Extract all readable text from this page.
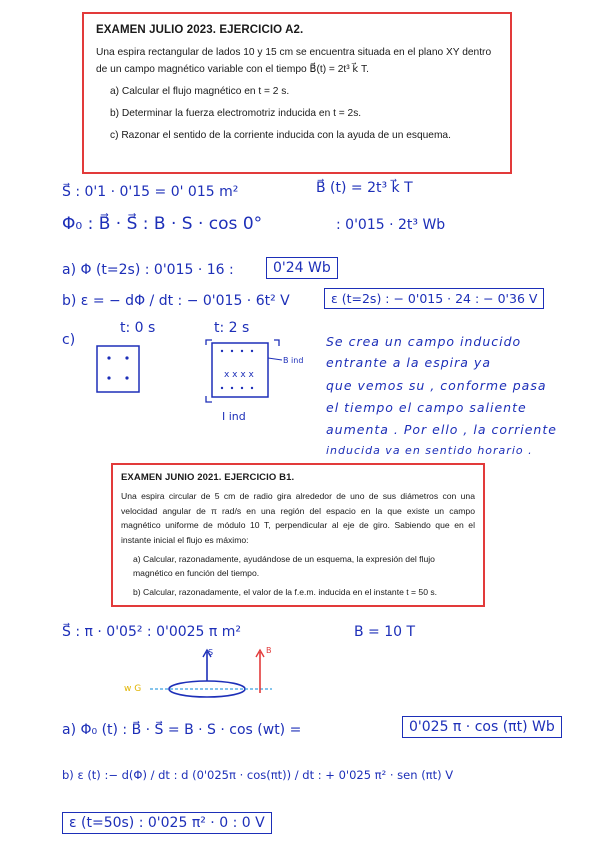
EXAMEN JULIO 2023. EJERCICIO A2.

Una espira rectangular de lados 10 y 15 cm se encuentra situada en el plano XY dentro de un campo magnético variable con el tiempo B⃗(t) = 2t³ k⃗ T.

a) Calcular el flujo magnético en t = 2 s.
b) Determinar la fuerza electromotriz inducida en t = 2s.
c) Razonar el sentido de la corriente inducida con la ayuda de un esquema.
S⃗ : 0'1 · 0'15 = 0' 015 m²	B⃗ (t) = 2t³ k⃗ T
Φ₀ : B⃗ · S⃗ : B · S · cos 0°	: 0'015 · 2t³ Wb
a) Φ (t=2s) : 0'015 · 16 :	0'24 Wb
b) ε = − dΦ / dt : − 0'015 · 6t² V	ε (t=2s) : − 0'015 · 24 : − 0'36 V
c)
t: 0 s	t: 2 s
x x x x
B ind
I ind
Se crea un campo inducido
entrante a la espira ya
que vemos su , conforme pasa
el tiempo el campo saliente
aumenta . Por ello , la corriente
inducida va en sentido horario .
EXAMEN JUNIO 2021. EJERCICIO B1.

Una espira circular de 5 cm de radio gira alrededor de uno de sus diámetros con una velocidad angular de π rad/s en una región del espacio en la que existe un campo magnético uniforme de módulo 10 T, perpendicular al eje de giro. Sabiendo que en el instante inicial el flujo es máximo:

a) Calcular, razonadamente, ayudándose de un esquema, la expresión del flujo magnético en función del tiempo.
b) Calcular, razonadamente, el valor de la f.e.m. inducida en el instante t = 50 s.
S⃗ : π · 0'05² : 0'0025 π m²	B = 10 T
S	B
w G
a) Φ₀ (t) : B⃗ · S⃗ = B · S · cos (wt) =	0'025 π · cos (πt) Wb
b) ε (t) :− d(Φ) / dt : d (0'025π · cos(πt)) / dt : + 0'025 π² · sen (πt) V
ε (t=50s) : 0'025 π² · 0 : 0 V
